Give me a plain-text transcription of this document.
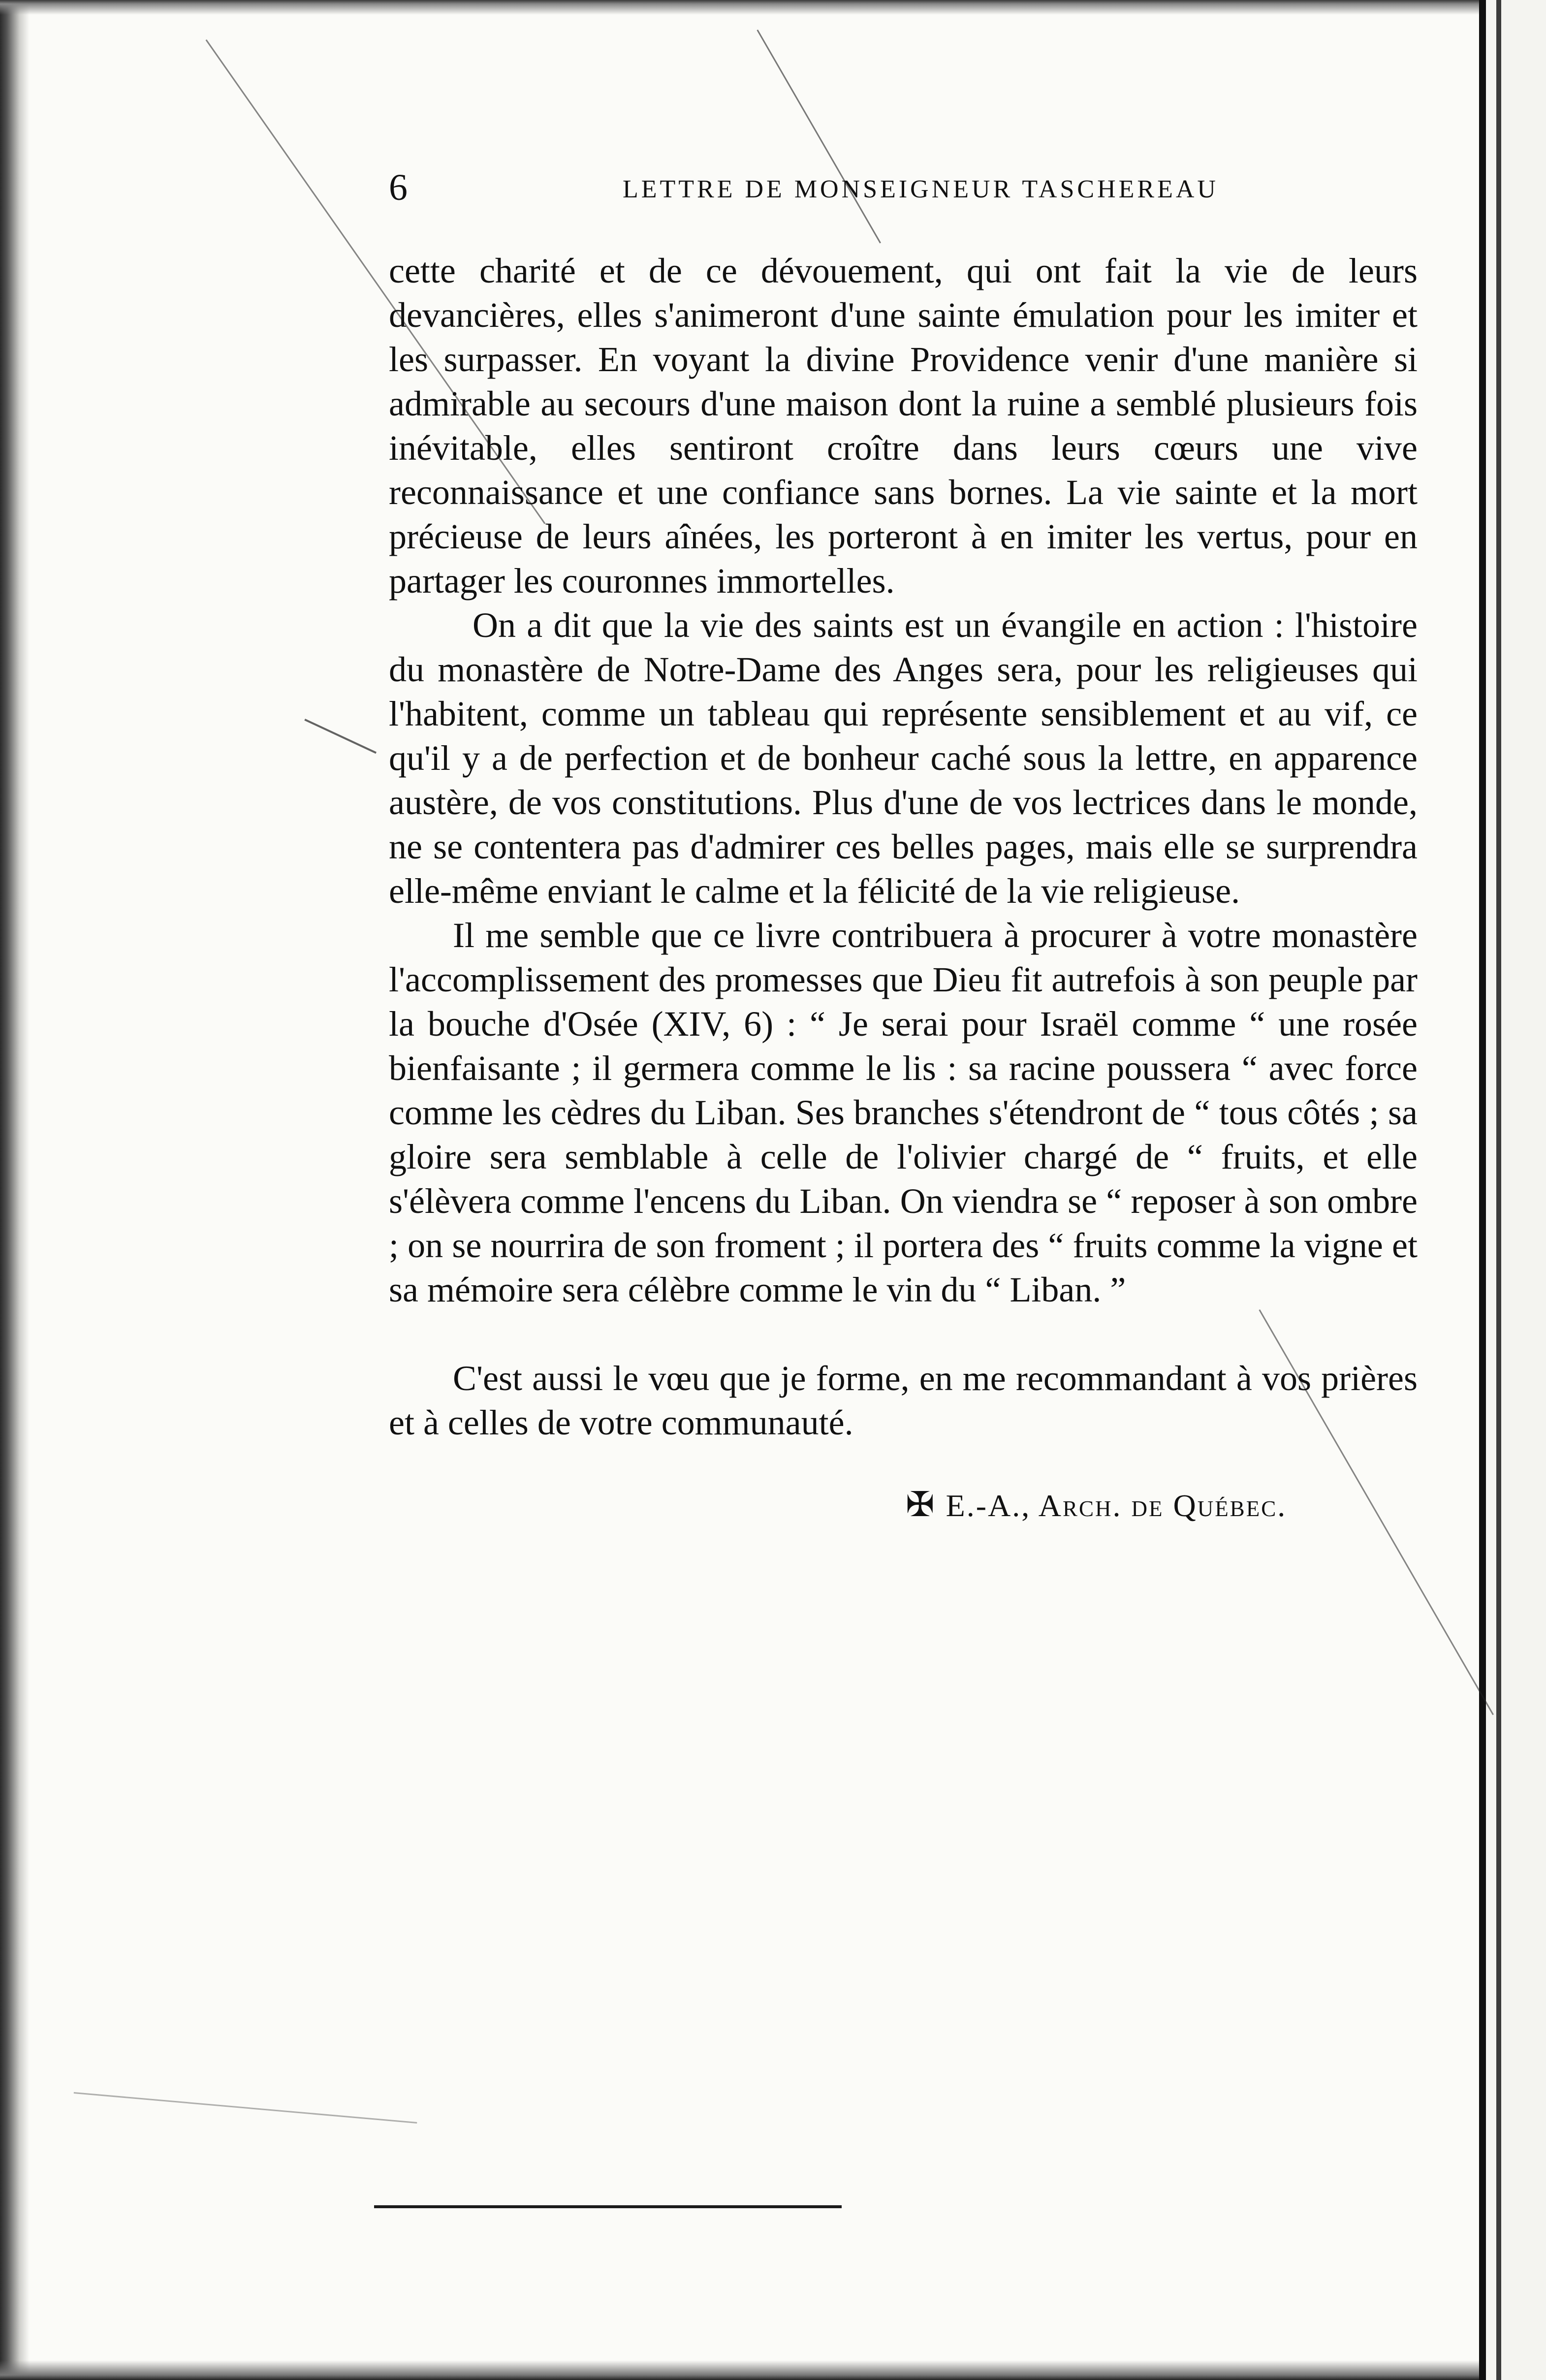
6	LETTRE DE MONSEIGNEUR TASCHEREAU
cette charité et de ce dévouement, qui ont fait la vie de leurs devancières, elles s'animeront d'une sainte émulation pour les imiter et les surpasser. En voyant la divine Providence venir d'une manière si admirable au secours d'une maison dont la ruine a semblé plusieurs fois inévitable, elles sentiront croître dans leurs cœurs une vive reconnaissance et une confiance sans bornes. La vie sainte et la mort précieuse de leurs aînées, les porteront à en imiter les vertus, pour en partager les couronnes immortelles.
On a dit que la vie des saints est un évangile en action : l'histoire du monastère de Notre-Dame des Anges sera, pour les religieuses qui l'habitent, comme un tableau qui représente sensiblement et au vif, ce qu'il y a de perfection et de bonheur caché sous la lettre, en apparence austère, de vos constitutions. Plus d'une de vos lectrices dans le monde, ne se contentera pas d'admirer ces belles pages, mais elle se surprendra elle-même enviant le calme et la félicité de la vie religieuse.
Il me semble que ce livre contribuera à procurer à votre monastère l'accomplissement des promesses que Dieu fit autrefois à son peuple par la bouche d'Osée (XIV, 6) : “ Je serai pour Israël comme “ une rosée bienfaisante ; il germera comme le lis : sa racine poussera “ avec force comme les cèdres du Liban. Ses branches s'étendront de “ tous côtés ; sa gloire sera semblable à celle de l'olivier chargé de “ fruits, et elle s'élèvera comme l'encens du Liban. On viendra se “ reposer à son ombre ; on se nourrira de son froment ; il portera des “ fruits comme la vigne et sa mémoire sera célèbre comme le vin du “ Liban. ”
C'est aussi le vœu que je forme, en me recommandant à vos prières et à celles de votre communauté.
✠ E.-A., Arch. de Québec.
